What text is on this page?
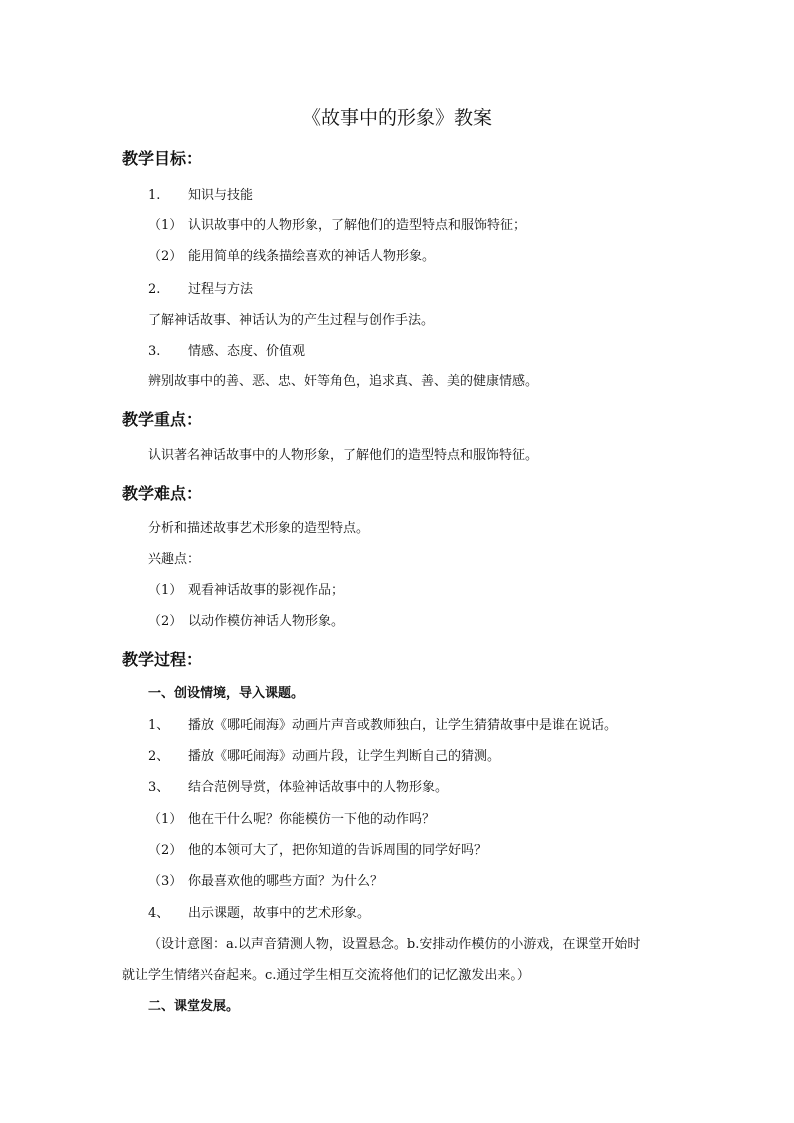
《故事中的形象》教案
教学目标：
1. 知识与技能
（1） 认识故事中的人物形象，了解他们的造型特点和服饰特征；
（2） 能用简单的线条描绘喜欢的神话人物形象。
2. 过程与方法
了解神话故事、神话认为的产生过程与创作手法。
3. 情感、态度、价值观
辨别故事中的善、恶、忠、奸等角色，追求真、善、美的健康情感。
教学重点：
认识著名神话故事中的人物形象，了解他们的造型特点和服饰特征。
教学难点：
分析和描述故事艺术形象的造型特点。
兴趣点：
（1） 观看神话故事的影视作品；
（2） 以动作模仿神话人物形象。
教学过程：
一、创设情境，导入课题。
1、 播放《哪吒闹海》动画片声音或教师独白，让学生猜猜故事中是谁在说话。
2、 播放《哪吒闹海》动画片段，让学生判断自己的猜测。
3、 结合范例导赏，体验神话故事中的人物形象。
（1） 他在干什么呢？你能模仿一下他的动作吗？
（2） 他的本领可大了，把你知道的告诉周围的同学好吗？
（3） 你最喜欢他的哪些方面？为什么？
4、 出示课题，故事中的艺术形象。
（设计意图：a.以声音猜测人物，设置悬念。b.安排动作模仿的小游戏，在课堂开始时
就让学生情绪兴奋起来。c.通过学生相互交流将他们的记忆激发出来。）
二、课堂发展。
